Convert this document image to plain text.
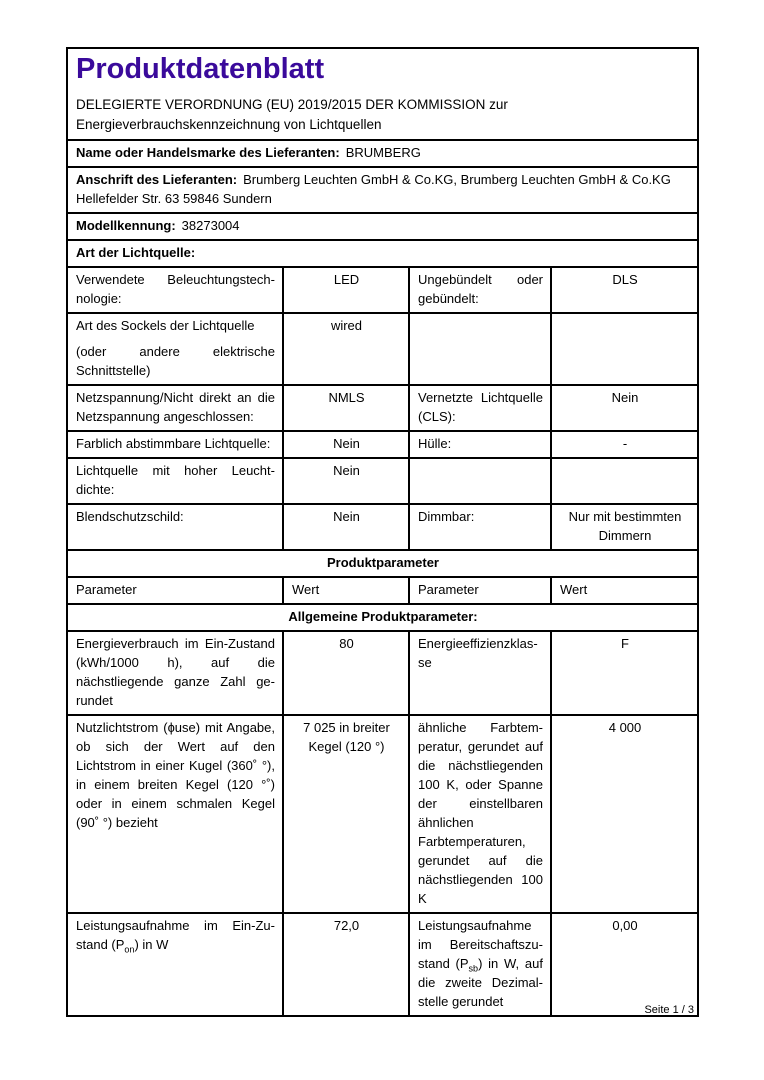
Produktdatenblatt

DELEGIERTE VERORDNUNG (EU) 2019/2015 DER KOMMISSION zur Energieverbrauchskennzeichnung von Lichtquellen

Name oder Handelsmarke des Lieferanten: BRUMBERG			
Anschrift des Lieferanten: Brumberg Leuchten GmbH & Co.KG, Brumberg Leuchten GmbH & Co.KG Hellefelder Str. 63 59846 Sundern			
Modellkennung: 38273004			
Art der Lichtquelle:			
Verwendete Beleuchtungstechnologie:	LED	Ungebündelt oder gebündelt:	DLS

Art des Sockels der Lichtquelle
(oder andere elektrische Schnittstelle)	wired		
Netzspannung/Nicht direkt an die Netzspannung angeschlossen:	NMLS	Vernetzte Lichtquelle (CLS):	Nein
Farblich abstimmbare Lichtquelle:	Nein	Hülle:	-
Lichtquelle mit hoher Leuchtdichte:	Nein		
Blendschutzschild:	Nein	Dimmbar:	Nur mit bestimmten Dimmern
Produktparameter			
Parameter	Wert	Parameter	Wert
Allgemeine Produktparameter:			
Energieverbrauch im Ein-Zustand (kWh/1000 h), auf die nächstliegende ganze Zahl gerundet	80	Energieeffizienzklasse	F
Nutzlichtstrom (ɸuse) mit Angabe, ob sich der Wert auf den Lichtstrom in einer Kugel (360˚ °), in einem breiten Kegel (120 °˚) oder in einem schmalen Kegel (90˚ °) bezieht	7 025 in breiter Kegel (120 °)	ähnliche Farbtemperatur, gerundet auf die nächstliegenden 100 K, oder Spanne der einstellbaren ähnlichen Farbtemperaturen, gerundet auf die nächstliegenden 100 K	4 000
Leistungsaufnahme im Ein-Zustand $(P_{on})$ in W	72,0	Leistungsaufnahme im Bereitschaftszustand $(P_{sb})$ in W, auf die zweite Dezimalstelle gerundet	0,00
Seite 1 / 3
